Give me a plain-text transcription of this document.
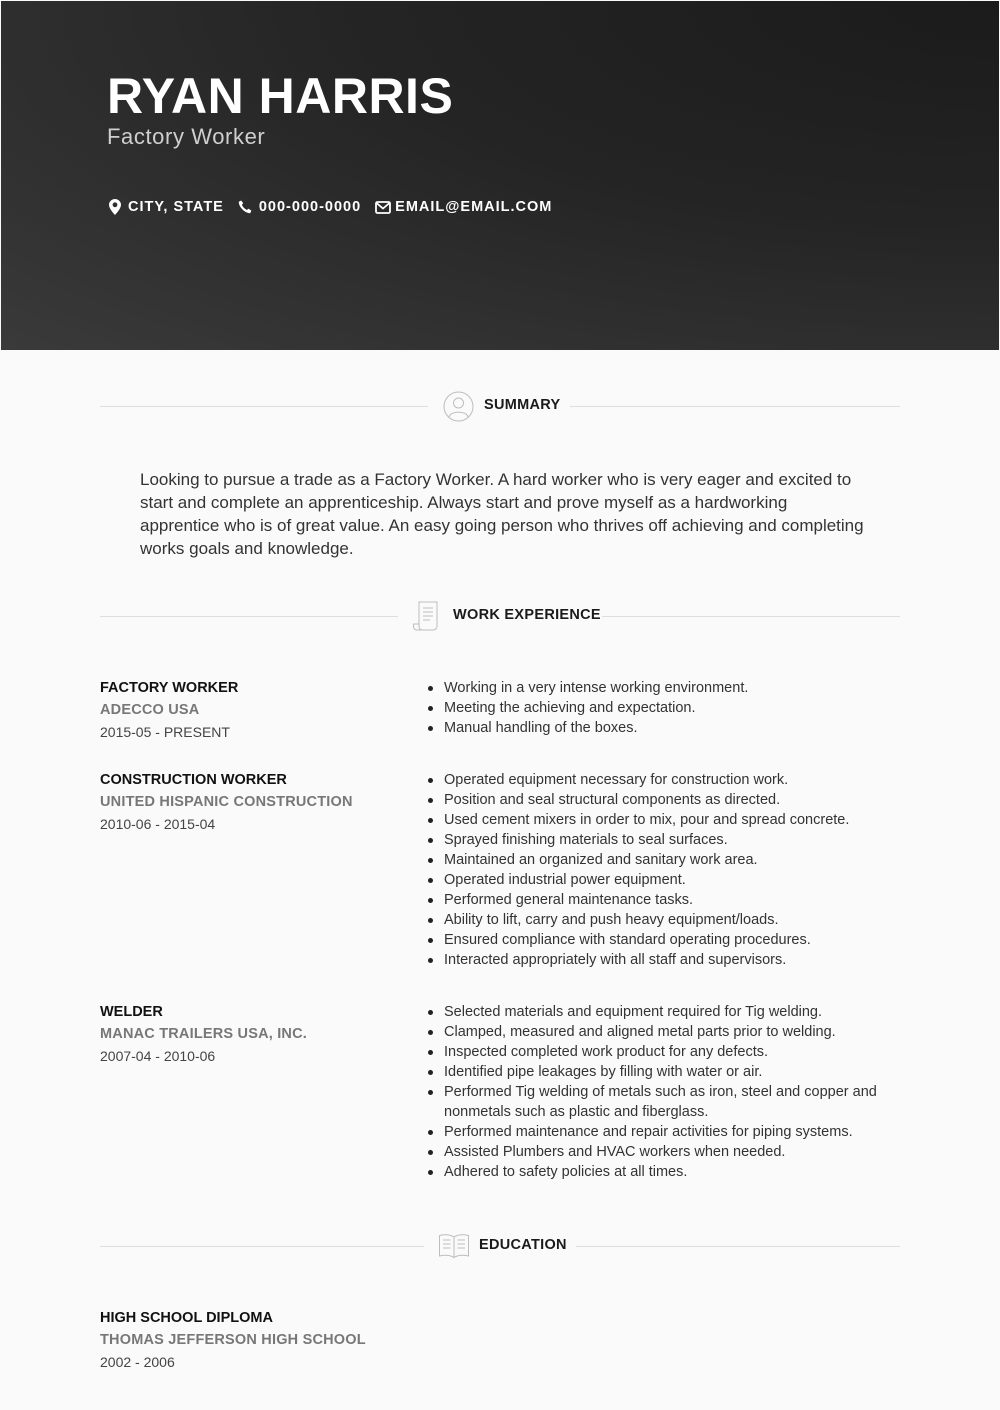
RYAN HARRIS
Factory Worker
CITY, STATE 000-000-0000 EMAIL@EMAIL.COM
SUMMARY
Looking to pursue a trade as a Factory Worker. A hard worker who is very eager and excited to start and complete an apprenticeship. Always start and prove myself as a hardworking apprentice who is of great value. An easy going person who thrives off achieving and completing works goals and knowledge.
WORK EXPERIENCE
FACTORY WORKER
ADECCO USA
2015-05 - PRESENT
Working in a very intense working environment.
Meeting the achieving and expectation.
Manual handling of the boxes.
CONSTRUCTION WORKER
UNITED HISPANIC CONSTRUCTION
2010-06 - 2015-04
Operated equipment necessary for construction work.
Position and seal structural components as directed.
Used cement mixers in order to mix, pour and spread concrete.
Sprayed finishing materials to seal surfaces.
Maintained an organized and sanitary work area.
Operated industrial power equipment.
Performed general maintenance tasks.
Ability to lift, carry and push heavy equipment/loads.
Ensured compliance with standard operating procedures.
Interacted appropriately with all staff and supervisors.
WELDER
MANAC TRAILERS USA, INC.
2007-04 - 2010-06
Selected materials and equipment required for Tig welding.
Clamped, measured and aligned metal parts prior to welding.
Inspected completed work product for any defects.
Identified pipe leakages by filling with water or air.
Performed Tig welding of metals such as iron, steel and copper and nonmetals such as plastic and fiberglass.
Performed maintenance and repair activities for piping systems.
Assisted Plumbers and HVAC workers when needed.
Adhered to safety policies at all times.
EDUCATION
HIGH SCHOOL DIPLOMA
THOMAS JEFFERSON HIGH SCHOOL
2002 - 2006
